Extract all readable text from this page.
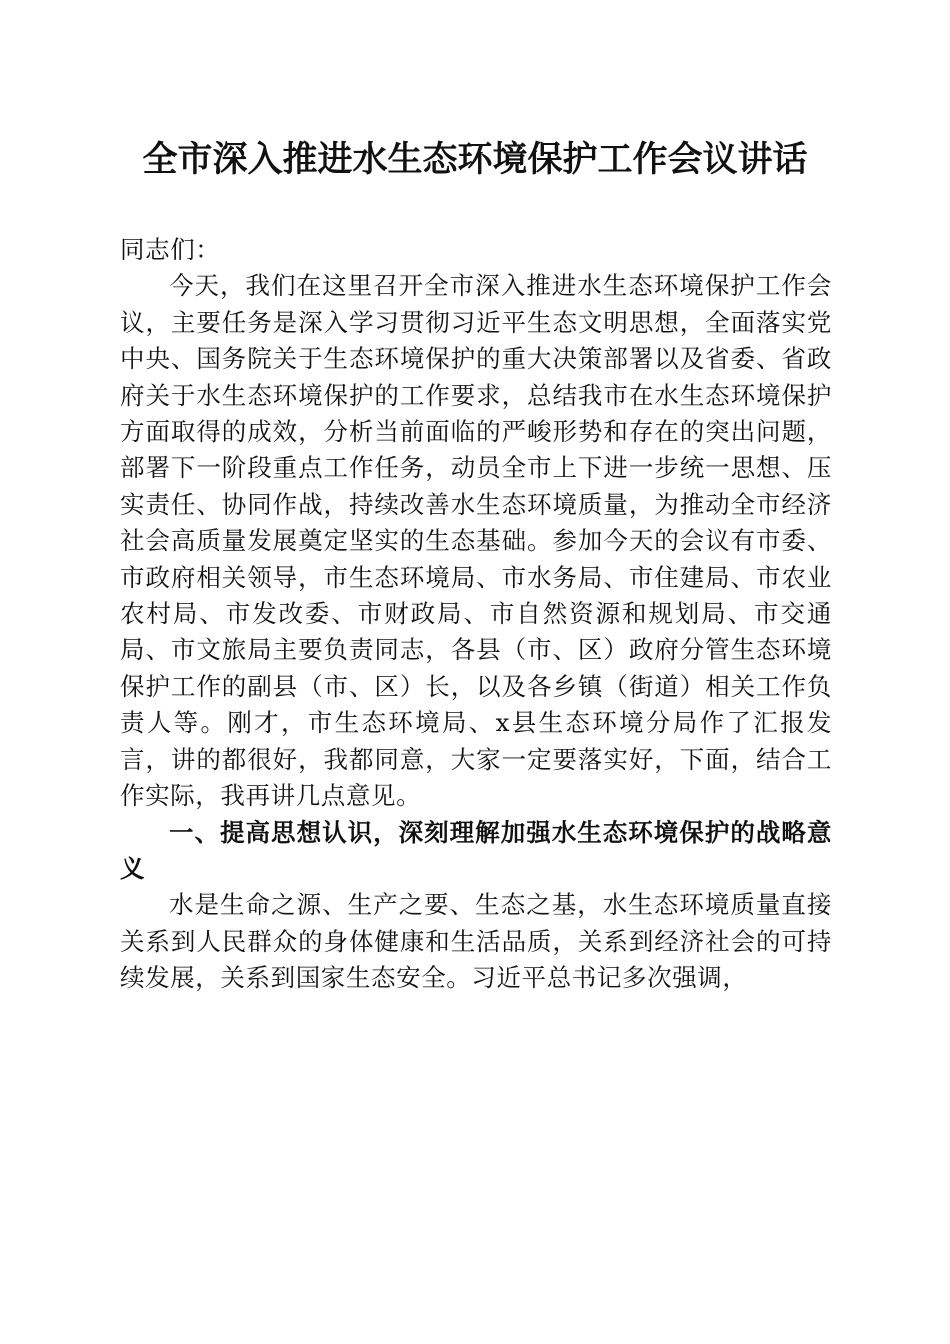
全市深入推进水生态环境保护工作会议讲话

同志们：

今天，我们在这里召开全市深入推进水生态环境保护工作会议，主要任务是深入学习贯彻习近平生态文明思想，全面落实党中央、国务院关于生态环境保护的重大决策部署以及省委、省政府关于水生态环境保护的工作要求，总结我市在水生态环境保护方面取得的成效，分析当前面临的严峻形势和存在的突出问题，部署下一阶段重点工作任务，动员全市上下进一步统一思想、压实责任、协同作战，持续改善水生态环境质量，为推动全市经济社会高质量发展奠定坚实的生态基础。参加今天的会议有市委、市政府相关领导，市生态环境局、市水务局、市住建局、市农业农村局、市发改委、市财政局、市自然资源和规划局、市交通局、市文旅局主要负责同志，各县（市、区）政府分管生态环境保护工作的副县（市、区）长，以及各乡镇（街道）相关工作负责人等。刚才，市生态环境局、x县生态环境分局作了汇报发言，讲的都很好，我都同意，大家一定要落实好，下面，结合工作实际，我再讲几点意见。

一、提高思想认识，深刻理解加强水生态环境保护的战略意义

水是生命之源、生产之要、生态之基，水生态环境质量直接关系到人民群众的身体健康和生活品质，关系到经济社会的可持续发展，关系到国家生态安全。习近平总书记多次强调，
